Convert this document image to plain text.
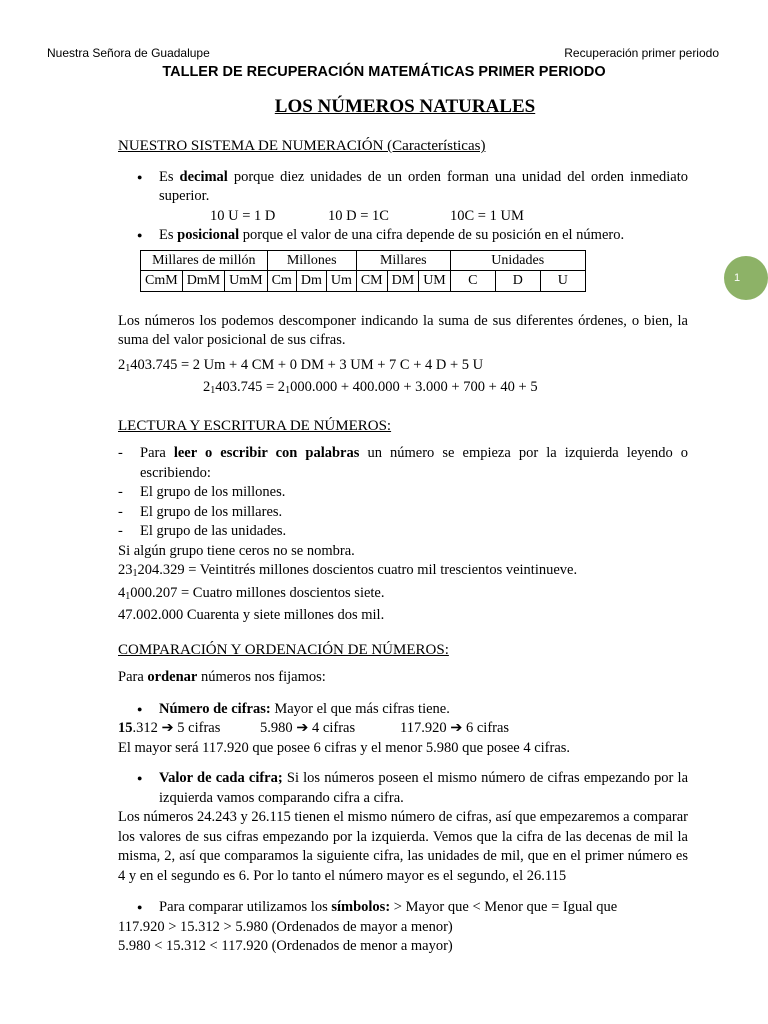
Nuestra Señora de Guadalupe	Recuperación primer periodo
TALLER DE RECUPERACIÓN MATEMÁTICAS PRIMER PERIODO
LOS NÚMEROS NATURALES
1

NUESTRO SISTEMA DE NUMERACIÓN (Características)

● Es decimal porque diez unidades de un orden forman una unidad del orden inmediato superior.
10 U = 1 D	10 D = 1C	10C = 1 UM
● Es posicional porque el valor de una cifra depende de su posición en el número.
Millares de millón			Millones			Millares			Unidades		
CmM	DmM	UmM	Cm	Dm	Um	CM	DM	UM	C	D	U

Los números los podemos descomponer indicando la suma de sus diferentes órdenes, o bien, la suma del valor posicional de sus cifras.

$2_1403.745 = 2$ Um + 4 CM + 0 DM + 3 UM + 7 C + 4 D + 5 U
$2_1403.745 = 2_1000.000 + 400.000 + 3.000 + 700 + 40 + 5$

LECTURA Y ESCRITURA DE NÚMEROS:

- Para leer o escribir con palabras un número se empieza por la izquierda leyendo o escribiendo:
- El grupo de los millones.
- El grupo de los millares.
- El grupo de las unidades.
Si algún grupo tiene ceros no se nombra.
$23_1204.329$ = Veintitrés millones doscientos cuatro mil trescientos veintinueve.
$4_1000.207$ = Cuatro millones doscientos siete.
47.002.000 Cuarenta y siete millones dos mil.

COMPARACIÓN Y ORDENACIÓN DE NÚMEROS:

Para ordenar números nos fijamos:
● Número de cifras: Mayor el que más cifras tiene.
15.312 ➔ 5 cifras	5.980 ➔ 4 cifras	117.920 ➔ 6 cifras
El mayor será 117.920 que posee 6 cifras y el menor 5.980 que posee 4 cifras.
● Valor de cada cifra; Si los números poseen el mismo número de cifras empezando por la izquierda vamos comparando cifra a cifra.

Los números 24.243 y 26.115 tienen el mismo número de cifras, así que empezaremos a comparar los valores de sus cifras empezando por la izquierda. Vemos que la cifra de las decenas de mil la misma, 2, así que comparamos la siguiente cifra, las unidades de mil, que en el primer número es 4 y en el segundo es 6. Por lo tanto el número mayor es el segundo, el 26.115

● Para comparar utilizamos los símbolos: > Mayor que < Menor que = Igual que
117.920 > 15.312 > 5.980 (Ordenados de mayor a menor)
5.980 < 15.312 < 117.920 (Ordenados de menor a mayor)
